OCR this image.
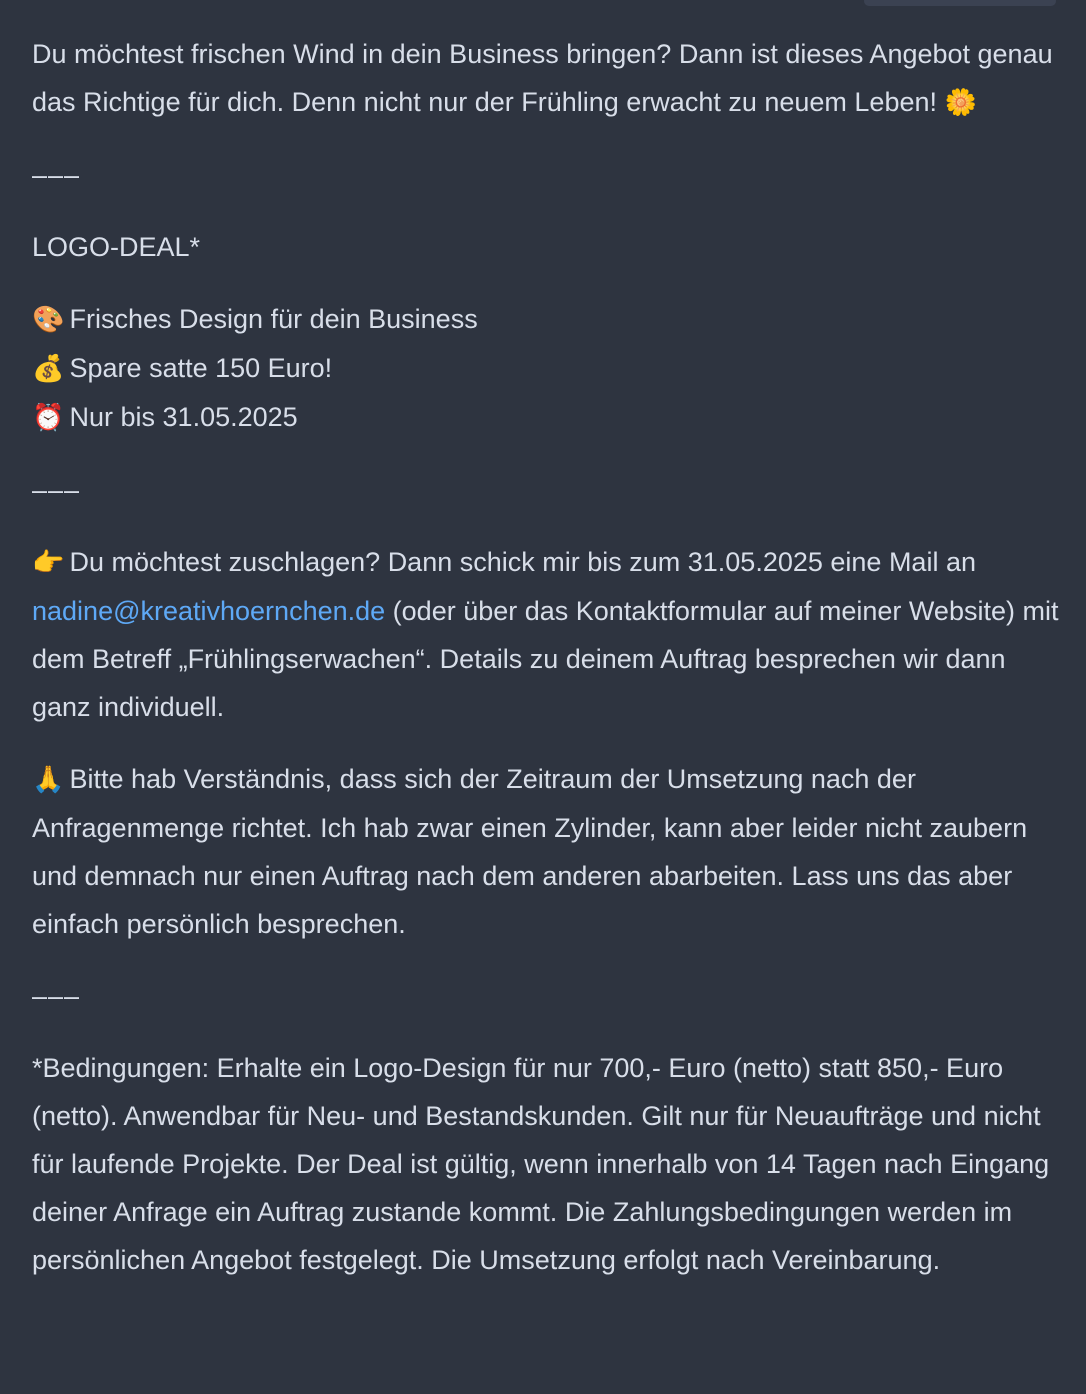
Du möchtest frischen Wind in dein Business bringen? Dann ist dieses Angebot genau das Richtige für dich. Denn nicht nur der Frühling erwacht zu neuem Leben! 🌼

–––

LOGO-DEAL*

🎨 Frisches Design für dein Business
💰 Spare satte 150 Euro!
⏰ Nur bis 31.05.2025

–––

👉 Du möchtest zuschlagen? Dann schick mir bis zum 31.05.2025 eine Mail an nadine@kreativhoernchen.de (oder über das Kontaktformular auf meiner Website) mit dem Betreff „Frühlingserwachen“. Details zu deinem Auftrag besprechen wir dann ganz individuell.

🙏 Bitte hab Verständnis, dass sich der Zeitraum der Umsetzung nach der Anfragenmenge richtet. Ich hab zwar einen Zylinder, kann aber leider nicht zaubern und demnach nur einen Auftrag nach dem anderen abarbeiten. Lass uns das aber einfach persönlich besprechen.

–––

*Bedingungen: Erhalte ein Logo-Design für nur 700,- Euro (netto) statt 850,- Euro (netto). Anwendbar für Neu- und Bestandskunden. Gilt nur für Neuaufträge und nicht für laufende Projekte. Der Deal ist gültig, wenn innerhalb von 14 Tagen nach Eingang deiner Anfrage ein Auftrag zustande kommt. Die Zahlungsbedingungen werden im persönlichen Angebot festgelegt. Die Umsetzung erfolgt nach Vereinbarung.
